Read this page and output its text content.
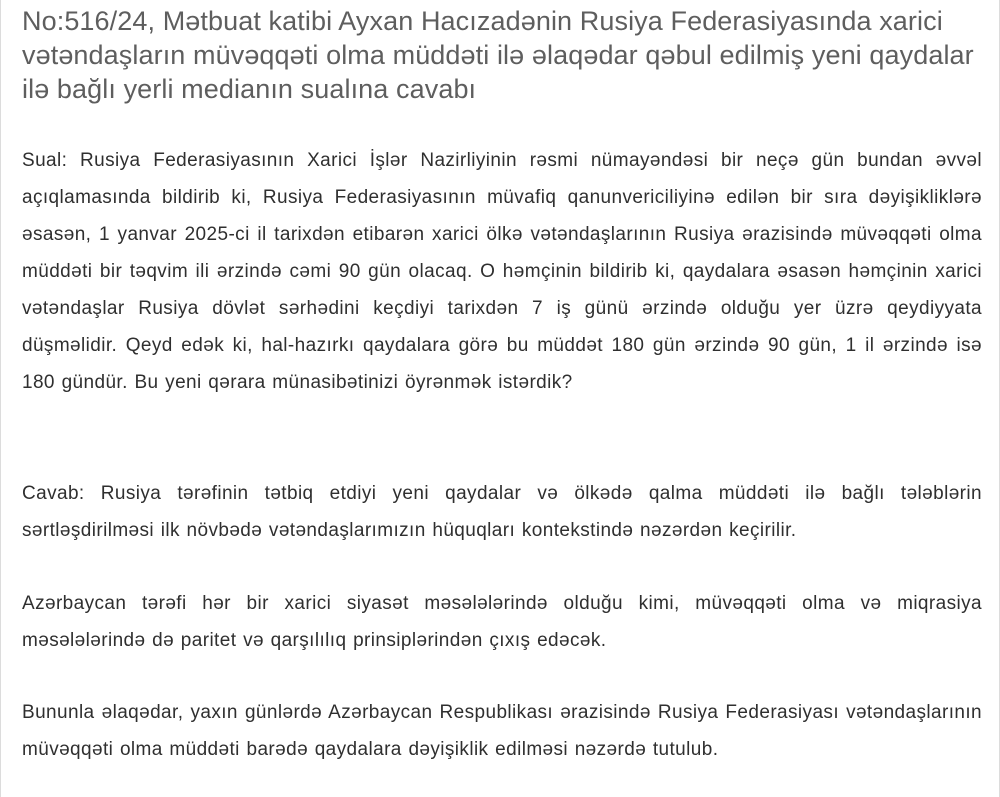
No:516/24, Mətbuat katibi Ayxan Hacızadənin Rusiya Federasiyasında xarici vətəndaşların müvəqqəti olma müddəti ilə əlaqədar qəbul edilmiş yeni qaydalar ilə bağlı yerli medianın sualına cavabı

Sual: Rusiya Federasiyasının Xarici İşlər Nazirliyinin rəsmi nümayəndəsi bir neçə gün bundan əvvəl açıqlamasında bildirib ki, Rusiya Federasiyasının müvafiq qanunvericiliyinə edilən bir sıra dəyişikliklərə əsasən, 1 yanvar 2025-ci il tarixdən etibarən xarici ölkə vətəndaşlarının Rusiya ərazisində müvəqqəti olma müddəti bir təqvim ili ərzində cəmi 90 gün olacaq. O həmçinin bildirib ki, qaydalara əsasən həmçinin xarici vətəndaşlar Rusiya dövlət sərhədini keçdiyi tarixdən 7 iş günü ərzində olduğu yer üzrə qeydiyyata düşməlidir. Qeyd edək ki, hal-hazırkı qaydalara görə bu müddət 180 gün ərzində 90 gün, 1 il ərzində isə 180 gündür. Bu yeni qərara münasibətinizi öyrənmək istərdik?

Cavab: Rusiya tərəfinin tətbiq etdiyi yeni qaydalar və ölkədə qalma müddəti ilə bağlı tələblərin sərtləşdirilməsi ilk növbədə vətəndaşlarımızın hüquqları kontekstində nəzərdən keçirilir.

Azərbaycan tərəfi hər bir xarici siyasət məsələlərində olduğu kimi, müvəqqəti olma və miqrasiya məsələlərində də paritet və qarşılılıq prinsiplərindən çıxış edəcək.

Bununla əlaqədar, yaxın günlərdə Azərbaycan Respublikası ərazisində Rusiya Federasiyası vətəndaşlarının müvəqqəti olma müddəti barədə qaydalara dəyişiklik edilməsi nəzərdə tutulub.
